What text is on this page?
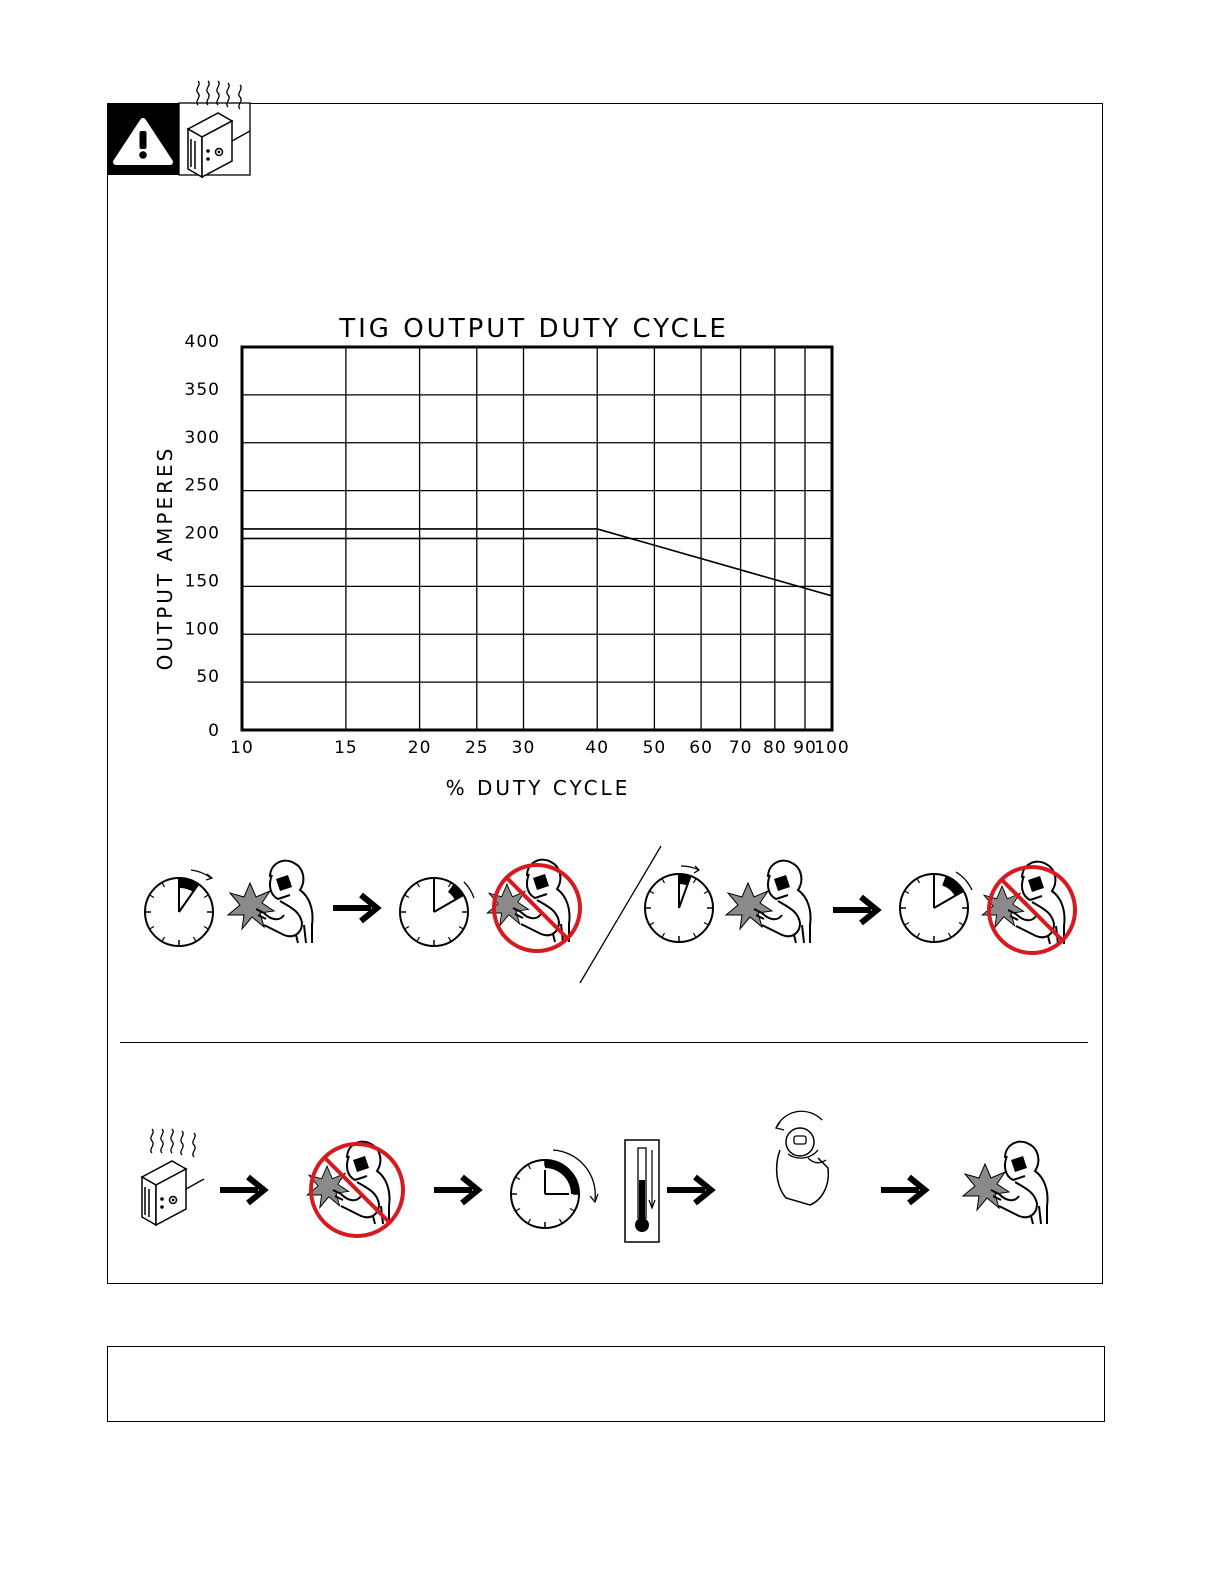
TIG OUTPUT DUTY CYCLE
10	15	20 25 30	40 50 60 70 80 90
100
0
50
100
150
200
250
300
350
400
% DUTY CYCLE
OUTPUT AMPERES
